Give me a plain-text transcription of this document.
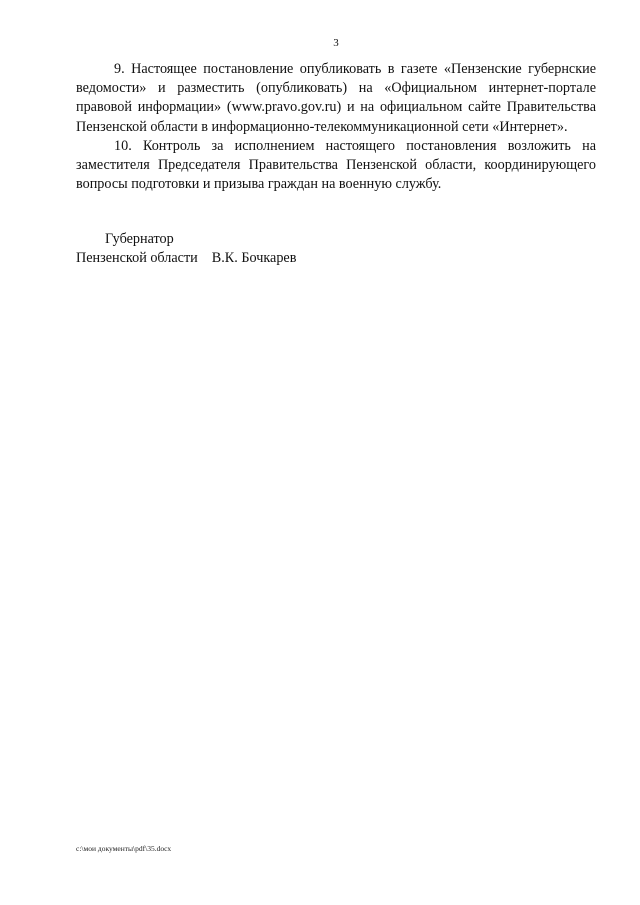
3

9. Настоящее постановление опубликовать в газете «Пензенские губернские ведомости» и разместить (опубликовать) на «Официальном интернет-портале правовой информации» (www.pravo.gov.ru) и на официальном сайте Правительства Пензенской области в информационно-телекоммуникационной сети «Интернет».

10. Контроль за исполнением настоящего постановления возложить на заместителя Председателя Правительства Пензенской области, координирующего вопросы подготовки и призыва граждан на военную службу.

Губернатор
Пензенской области В.К. Бочкарев
c:\мои документы\pdf\35.docx
